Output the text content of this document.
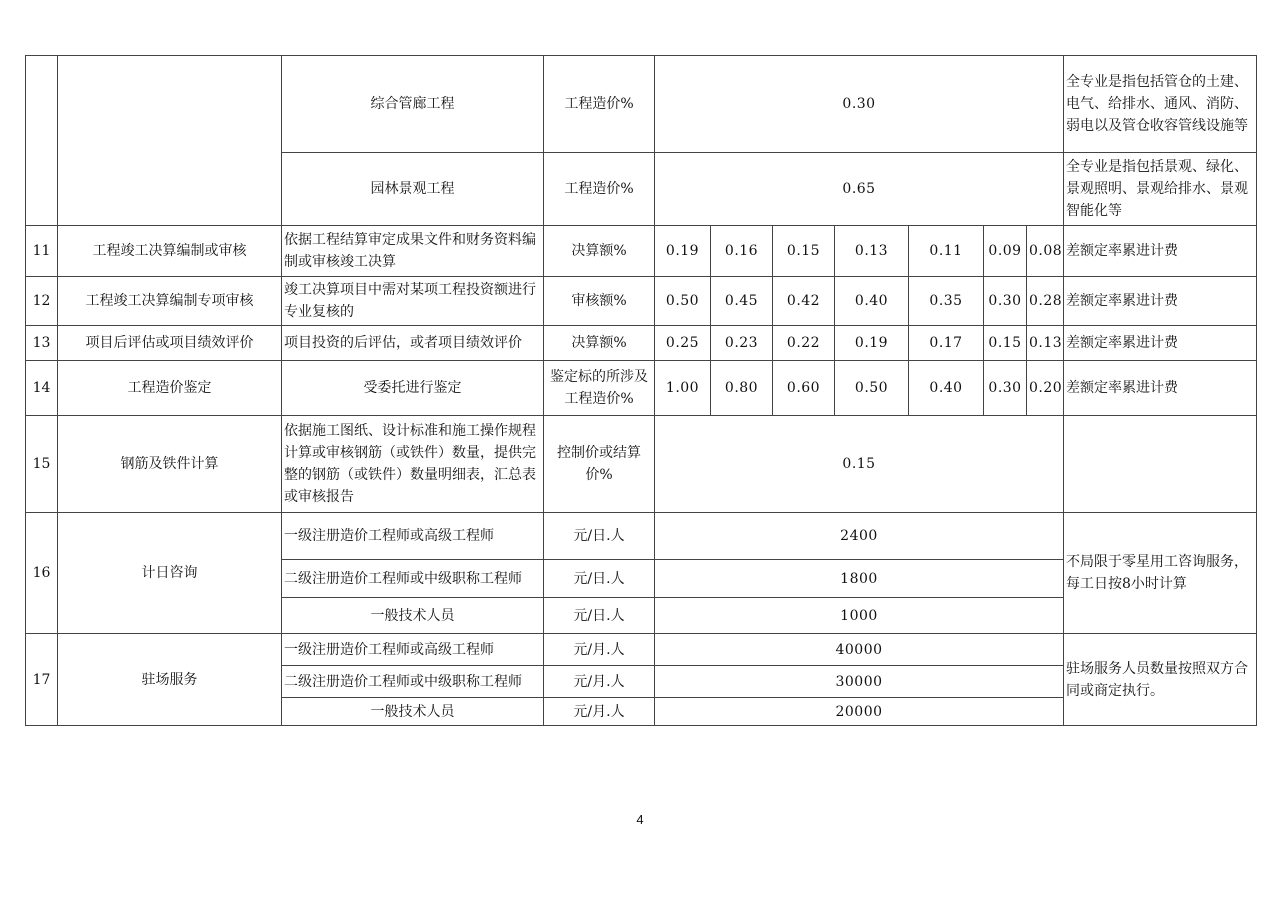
		综合管廊工程	工程造价%	0.30							全专业是指包括管仓的土建、电气、给排水、通风、消防、弱电以及管仓收容管线设施等
		园林景观工程	工程造价%	0.65							全专业是指包括景观、绿化、景观照明、景观给排水、景观智能化等
11	工程竣工决算编制或审核	依据工程结算审定成果文件和财务资料编制或审核竣工决算	决算额%	0.19	0.16	0.15	0.13	0.11	0.09	0.08	差额定率累进计费
12	工程竣工决算编制专项审核	竣工决算项目中需对某项工程投资额进行专业复核的	审核额%	0.50	0.45	0.42	0.40	0.35	0.30	0.28	差额定率累进计费
13	项目后评估或项目绩效评价	项目投资的后评估，或者项目绩效评价	决算额%	0.25	0.23	0.22	0.19	0.17	0.15	0.13	差额定率累进计费
14	工程造价鉴定	受委托进行鉴定	鉴定标的所涉及工程造价%	1.00	0.80	0.60	0.50	0.40	0.30	0.20	差额定率累进计费
15	钢筋及铁件计算	依据施工图纸、设计标准和施工操作规程计算或审核钢筋（或铁件）数量，提供完整的钢筋（或铁件）数量明细表，汇总表或审核报告	控制价或结算价%	0.15							
16	计日咨询	一级注册造价工程师或高级工程师	元/日.人	2400							不局限于零星用工咨询服务，每工日按8小时计算
		二级注册造价工程师或中级职称工程师	元/日.人	1800							
		一般技术人员	元/日.人	1000							
17	驻场服务	一级注册造价工程师或高级工程师	元/月.人	40000							驻场服务人员数量按照双方合同或商定执行。
		二级注册造价工程师或中级职称工程师	元/月.人	30000							
		一般技术人员	元/月.人	20000							
4
